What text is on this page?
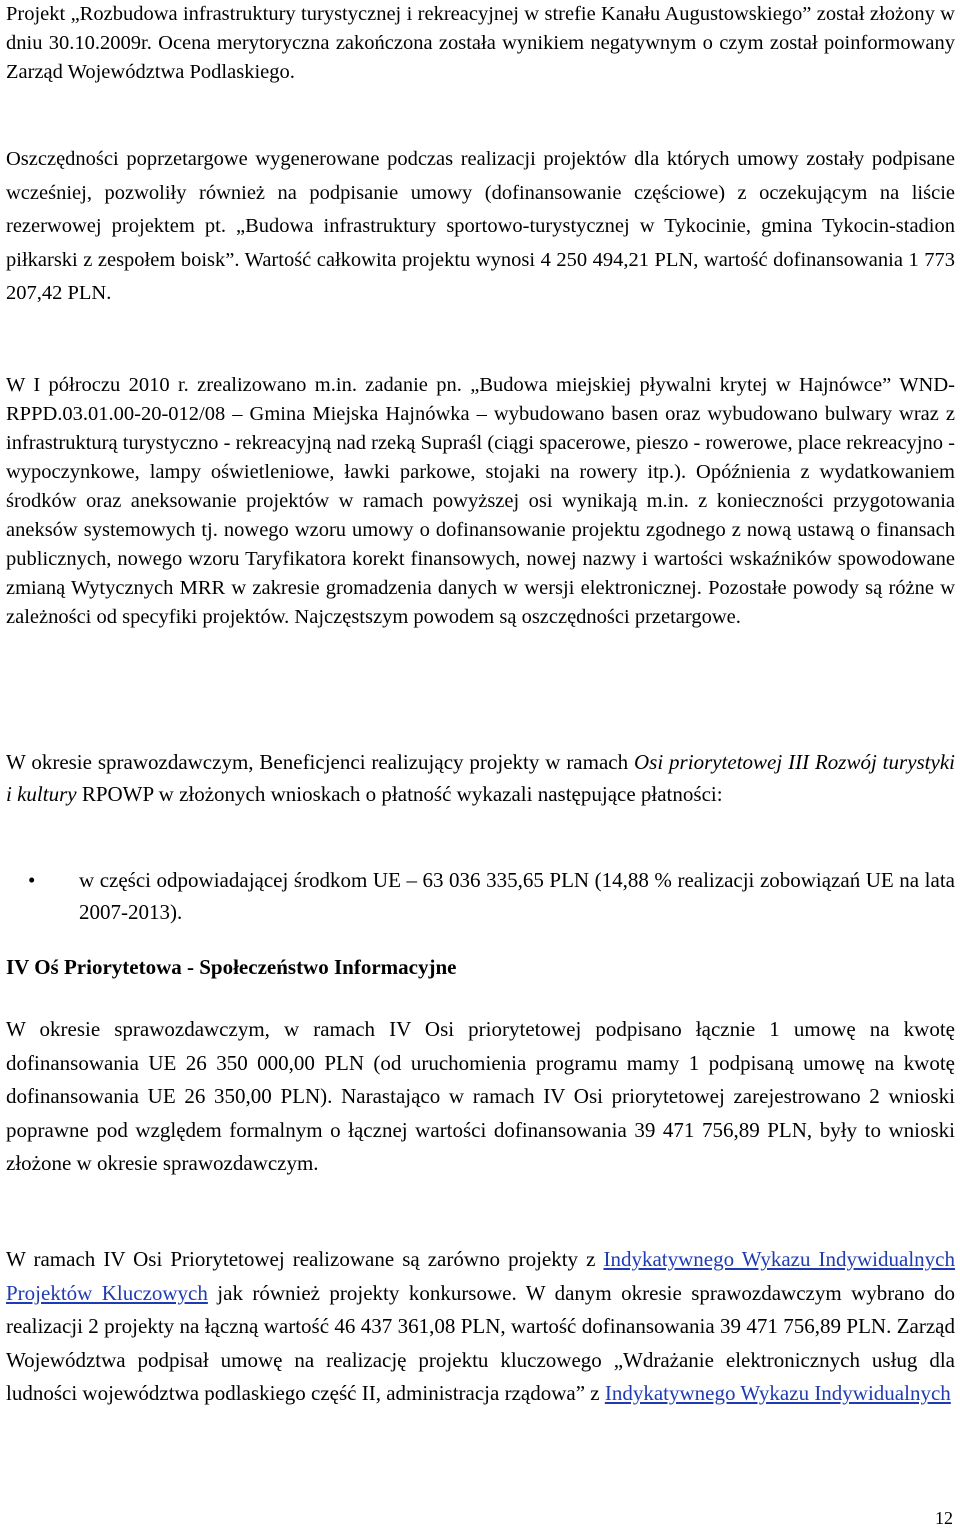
Projekt „Rozbudowa infrastruktury turystycznej i rekreacyjnej w strefie Kanału Augustowskiego” został złożony w dniu 30.10.2009r. Ocena merytoryczna zakończona została wynikiem negatywnym o czym został poinformowany Zarząd Województwa Podlaskiego.

Oszczędności poprzetargowe wygenerowane podczas realizacji projektów dla których umowy zostały podpisane wcześniej, pozwoliły również na podpisanie umowy (dofinansowanie częściowe) z oczekującym na liście rezerwowej projektem pt. „Budowa infrastruktury sportowo-turystycznej w Tykocinie, gmina Tykocin-stadion piłkarski z zespołem boisk”. Wartość całkowita projektu wynosi 4 250 494,21 PLN, wartość dofinansowania 1 773 207,42 PLN.

W I półroczu 2010 r. zrealizowano m.in. zadanie pn. „Budowa miejskiej pływalni krytej w Hajnówce” WND-RPPD.03.01.00-20-012/08 – Gmina Miejska Hajnówka – wybudowano basen oraz wybudowano bulwary wraz z infrastrukturą turystyczno - rekreacyjną nad rzeką Supraśl (ciągi spacerowe, pieszo - rowerowe, place rekreacyjno - wypoczynkowe, lampy oświetleniowe, ławki parkowe, stojaki na rowery itp.). Opóźnienia z wydatkowaniem środków oraz aneksowanie projektów w ramach powyższej osi wynikają m.in. z konieczności przygotowania aneksów systemowych tj. nowego wzoru umowy o dofinansowanie projektu zgodnego z nową ustawą o finansach publicznych, nowego wzoru Taryfikatora korekt finansowych, nowej nazwy i wartości wskaźników spowodowane zmianą Wytycznych MRR w zakresie gromadzenia danych w wersji elektronicznej. Pozostałe powody są różne w zależności od specyfiki projektów. Najczęstszym powodem są oszczędności przetargowe.

W okresie sprawozdawczym, Beneficjenci realizujący projekty w ramach Osi priorytetowej III Rozwój turystyki i kultury RPOWP w złożonych wnioskach o płatność wykazali następujące płatności:

• w części odpowiadającej środkom UE – 63 036 335,65 PLN (14,88 % realizacji zobowiązań UE na lata 2007-2013).
IV Oś Priorytetowa - Społeczeństwo Informacyjne

W okresie sprawozdawczym, w ramach IV Osi priorytetowej podpisano łącznie 1 umowę na kwotę dofinansowania UE 26 350 000,00 PLN (od uruchomienia programu mamy 1 podpisaną umowę na kwotę dofinansowania UE 26 350,00 PLN). Narastająco w ramach IV Osi priorytetowej zarejestrowano 2 wnioski poprawne pod względem formalnym o łącznej wartości dofinansowania 39 471 756,89 PLN, były to wnioski złożone w okresie sprawozdawczym.

W ramach IV Osi Priorytetowej realizowane są zarówno projekty z Indykatywnego Wykazu Indywidualnych Projektów Kluczowych jak również projekty konkursowe. W danym okresie sprawozdawczym wybrano do realizacji 2 projekty na łączną wartość 46 437 361,08 PLN, wartość dofinansowania 39 471 756,89 PLN. Zarząd Województwa podpisał umowę na realizację projektu kluczowego „Wdrażanie elektronicznych usług dla ludności województwa podlaskiego część II, administracja rządowa” z Indykatywnego Wykazu Indywidualnych

12
